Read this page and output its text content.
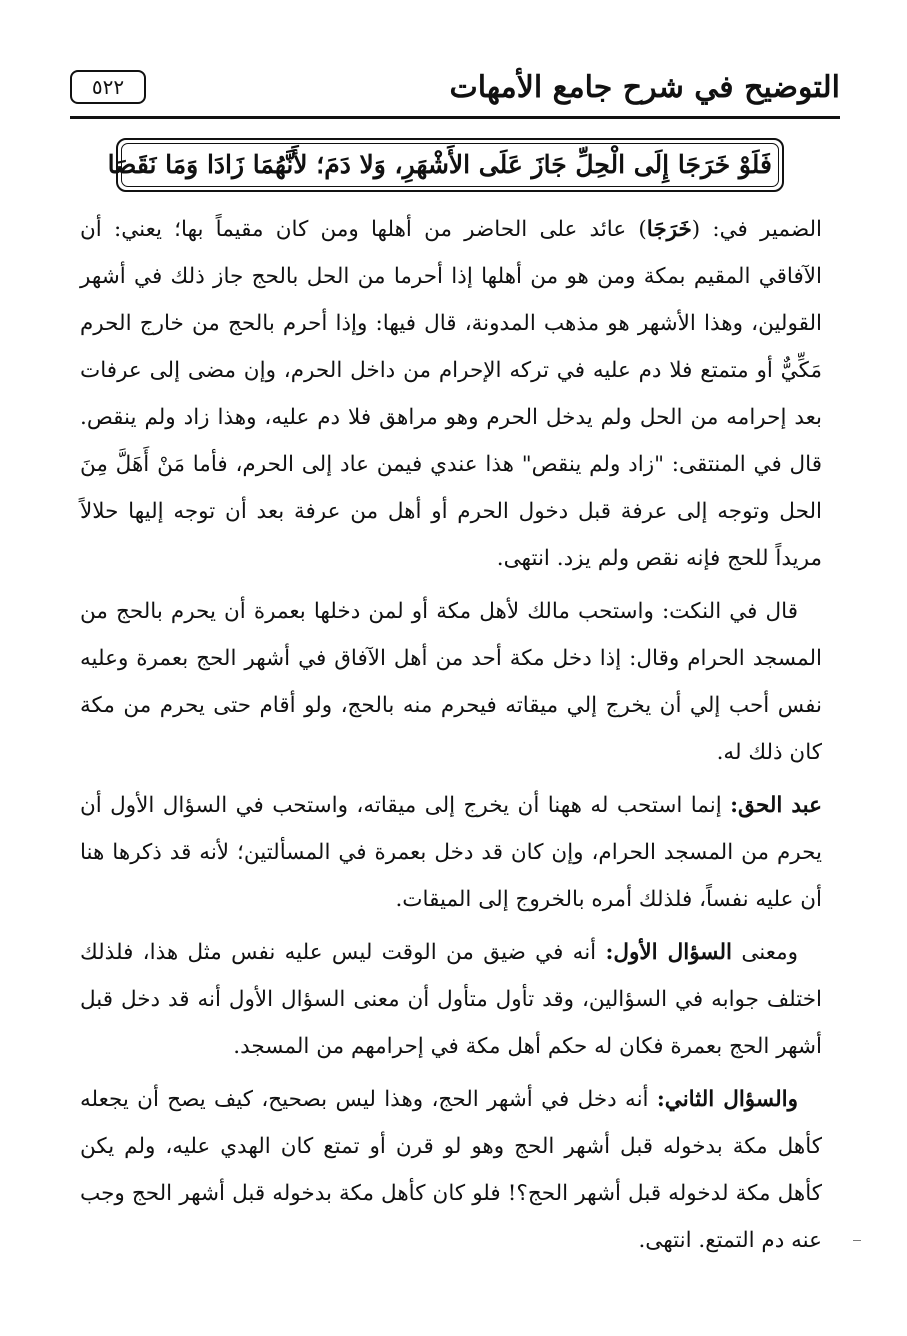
التوضيح في شرح جامع الأمهات
٥٢٢
فَلَوْ خَرَجَا إِلَى الْحِلِّ جَازَ عَلَى الأَشْهَرِ، وَلا دَمَ؛ لأَنَّهُمَا زَادَا وَمَا نَقَصَا

الضمير في: (خَرَجَا) عائد على الحاضر من أهلها ومن كان مقيماً بها؛ يعني: أن الآفاقي المقيم بمكة ومن هو من أهلها إذا أحرما من الحل بالحج جاز ذلك في أشهر القولين، وهذا الأشهر هو مذهب المدونة، قال فيها: وإذا أحرم بالحج من خارج الحرم مَكِّيٌّ أو متمتع فلا دم عليه في تركه الإحرام من داخل الحرم، وإن مضى إلى عرفات بعد إحرامه من الحل ولم يدخل الحرم وهو مراهق فلا دم عليه، وهذا زاد ولم ينقص. قال في المنتقى: "زاد ولم ينقص" هذا عندي فيمن عاد إلى الحرم، فأما مَنْ أَهَلَّ مِنَ الحل وتوجه إلى عرفة قبل دخول الحرم أو أهل من عرفة بعد أن توجه إليها حلالاً مريداً للحج فإنه نقص ولم يزد. انتهى.

قال في النكت: واستحب مالك لأهل مكة أو لمن دخلها بعمرة أن يحرم بالحج من المسجد الحرام وقال: إذا دخل مكة أحد من أهل الآفاق في أشهر الحج بعمرة وعليه نفس أحب إلي أن يخرج إلي ميقاته فيحرم منه بالحج، ولو أقام حتى يحرم من مكة كان ذلك له.

عبد الحق: إنما استحب له ههنا أن يخرج إلى ميقاته، واستحب في السؤال الأول أن يحرم من المسجد الحرام، وإن كان قد دخل بعمرة في المسألتين؛ لأنه قد ذكرها هنا أن عليه نفساً، فلذلك أمره بالخروج إلى الميقات.

ومعنى السؤال الأول: أنه في ضيق من الوقت ليس عليه نفس مثل هذا، فلذلك اختلف جوابه في السؤالين، وقد تأول متأول أن معنى السؤال الأول أنه قد دخل قبل أشهر الحج بعمرة فكان له حكم أهل مكة في إحرامهم من المسجد.

والسؤال الثاني: أنه دخل في أشهر الحج، وهذا ليس بصحيح، كيف يصح أن يجعله كأهل مكة بدخوله قبل أشهر الحج وهو لو قرن أو تمتع كان الهدي عليه، ولم يكن كأهل مكة لدخوله قبل أشهر الحج؟! فلو كان كأهل مكة بدخوله قبل أشهر الحج وجب عنه دم التمتع. انتهى.
